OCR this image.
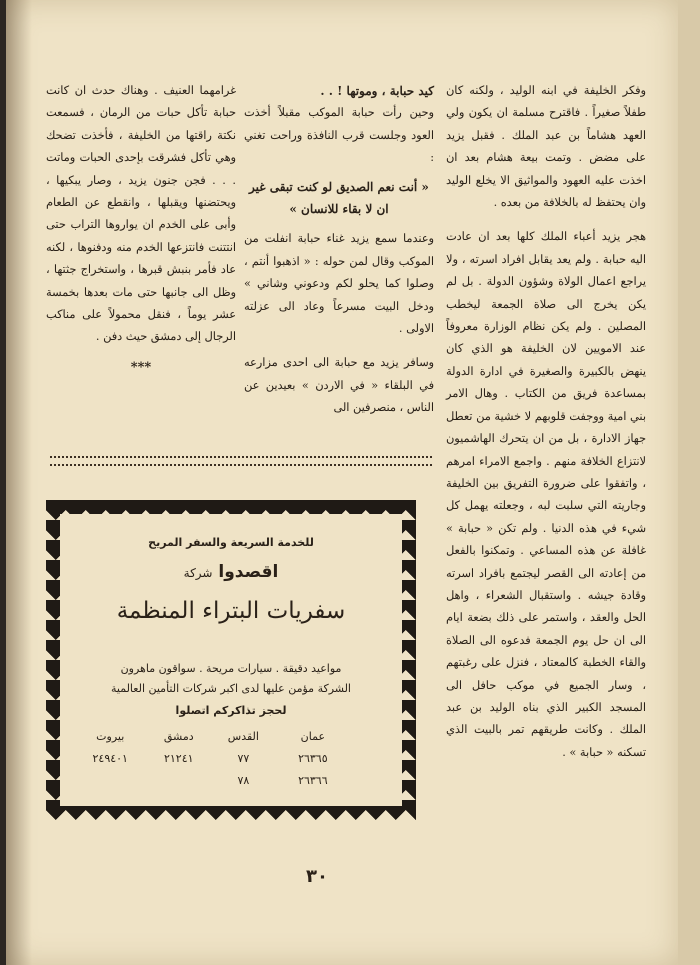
وفكر الخليفة في ابنه الوليد ، ولكنه كان طفلاً صغيراً . فاقترح مسلمة ان يكون ولي العهد هشاماً بن عبد الملك . فقبل يزيد على مضض . وتمت بيعة هشام بعد ان اخذت عليه العهود والمواثيق الا يخلع الوليد وان يحتفظ له بالخلافة من بعده .

هجر يزيد أعباء الملك كلها بعد ان عادت اليه حبابة . ولم يعد يقابل افراد اسرته ، ولا يراجع اعمال الولاة وشؤون الدولة . بل لم يكن يخرج الى صلاة الجمعة ليخطب المصلين . ولم يكن نظام الوزارة معروفاً عند الامويين لان الخليفة هو الذي كان ينهض بالكبيرة والصغيرة في ادارة الدولة بمساعدة فريق من الكتاب . وهال الامر بني امية ووجفت قلوبهم لا خشية من تعطل جهاز الادارة ، بل من ان يتحرك الهاشميون لانتزاع الخلافة منهم . واجمع الامراء امرهم ، واتفقوا على ضرورة التفريق بين الخليفة وجاريته التي سلبت لبه ، وجعلته يهمل كل شيء في هذه الدنيا . ولم تكن « حبابة » غافلة عن هذه المساعي . وتمكنوا بالفعل من إعادته الى القصر ليجتمع بافراد اسرته وقادة جيشه . واستقبال الشعراء ، واهل الحل والعقد ، واستمر على ذلك بضعة ايام الى ان حل يوم الجمعة فدعوه الى الصلاة والقاء الخطبة كالمعتاد ، فنزل على رغبتهم ، وسار الجميع في موكب حافل الى المسجد الكبير الذي بناه الوليد بن عبد الملك . وكانت طريقهم تمر بالبيت الذي تسكنه « حبابة » .

كيد حبابة ، وموتها ! . .

وحين رأت حبابة الموكب مقبلاً أخذت العود وجلست قرب النافذة وراحت تغني :

« أنت نعم الصديق لو كنت تبقى غير ان لا بقاء للانسان »

وعندما سمع يزيد غناء حبابة انفلت من الموكب وقال لمن حوله : « اذهبوا أنتم ، وصلوا كما يحلو لكم ودعوني وشاني » ودخل البيت مسرعاً وعاد الى عزلته الاولى .

وسافر يزيد مع حبابة الى احدى مزارعه في البلقاء « في الاردن » بعيدين عن الناس ، منصرفين الى

غرامهما العنيف . وهناك حدث ان كانت حبابة تأكل حبات من الرمان ، فسمعت نكتة راقتها من الخليفة ، فأخذت تضحك وهي تأكل فشرقت بإحدى الحبات وماتت . . . فجن جنون يزيد ، وصار يبكيها ، ويحتضنها ويقبلها ، وانقطع عن الطعام وأبى على الخدم ان يواروها التراب حتى انتتنت فانتزعها الخدم منه ودفنوها ، لكنه عاد فأمر بنبش قبرها ، واستخراج جثتها ، وظل الى جانبها حتى مات بعدها بخمسة عشر يوماً ، فنقل محمولاً على مناكب الرجال إلى دمشق حيث دفن .

***

للخدمة السريعة والسفر المريح
اقصدوا شركة
سفريات البتراء المنظمة
مواعيد دقيقة . سيارات مريحة . سواقون ماهرون
الشركة مؤمن عليها لدى اكبر شركات التأمين العالمية
لحجز تذاكركم اتصلوا
عمان
القدس
دمشق
بيروت
٢٦٣٦٥
٧٧
٢١٢٤١
٢٤٩٤٠١
٢٦٣٦٦
٧٨
٣٠
